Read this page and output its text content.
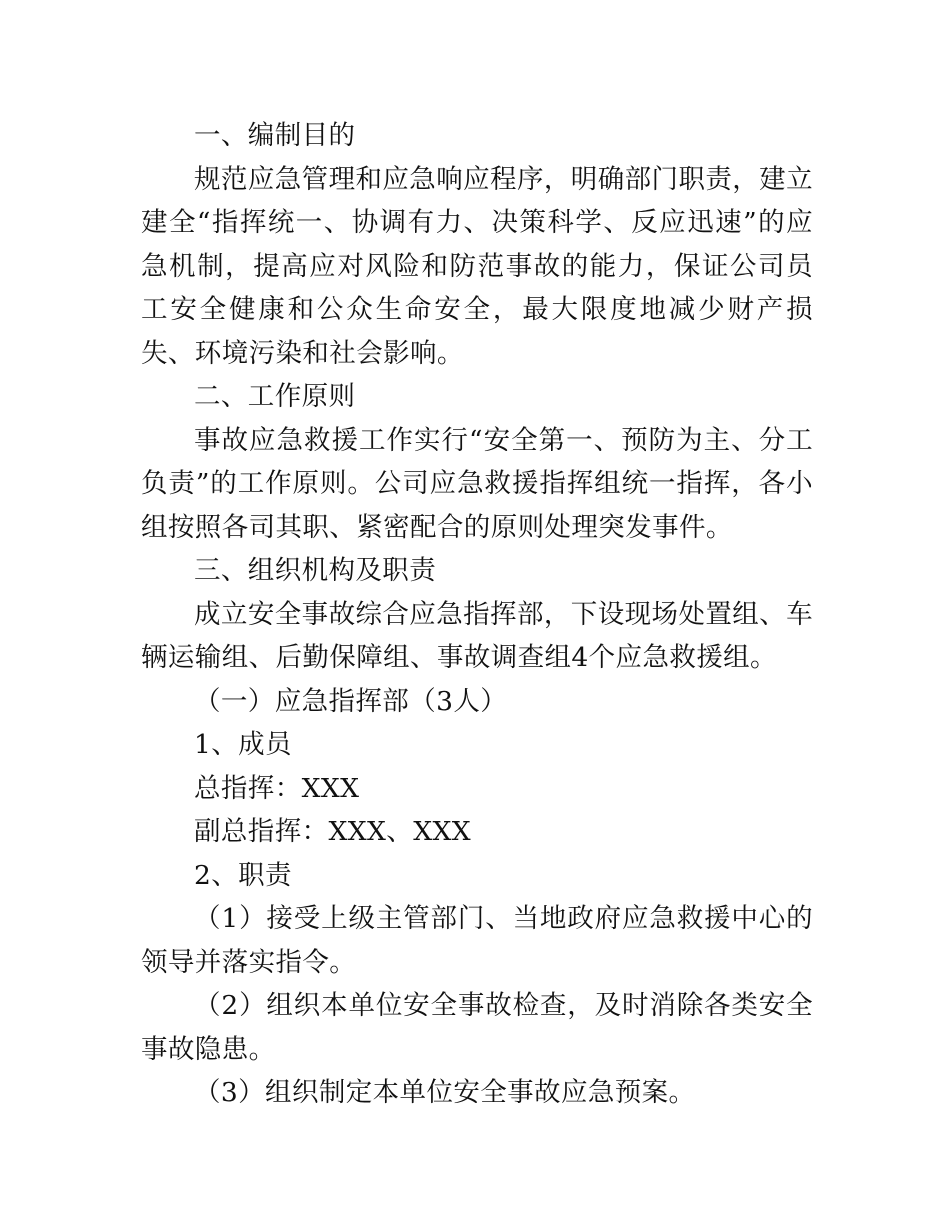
一、编制目的

规范应急管理和应急响应程序，明确部门职责，建立建全“指挥统一、协调有力、决策科学、反应迅速”的应急机制，提高应对风险和防范事故的能力，保证公司员工安全健康和公众生命安全，最大限度地减少财产损失、环境污染和社会影响。

二、工作原则

事故应急救援工作实行“安全第一、预防为主、分工负责”的工作原则。公司应急救援指挥组统一指挥，各小组按照各司其职、紧密配合的原则处理突发事件。

三、组织机构及职责

成立安全事故综合应急指挥部，下设现场处置组、车辆运输组、后勤保障组、事故调查组4个应急救援组。

（一）应急指挥部（3人）

1、成员

总指挥：XXX

副总指挥：XXX、XXX

2、职责

（1）接受上级主管部门、当地政府应急救援中心的领导并落实指令。

（2）组织本单位安全事故检查，及时消除各类安全事故隐患。

（3）组织制定本单位安全事故应急预案。
